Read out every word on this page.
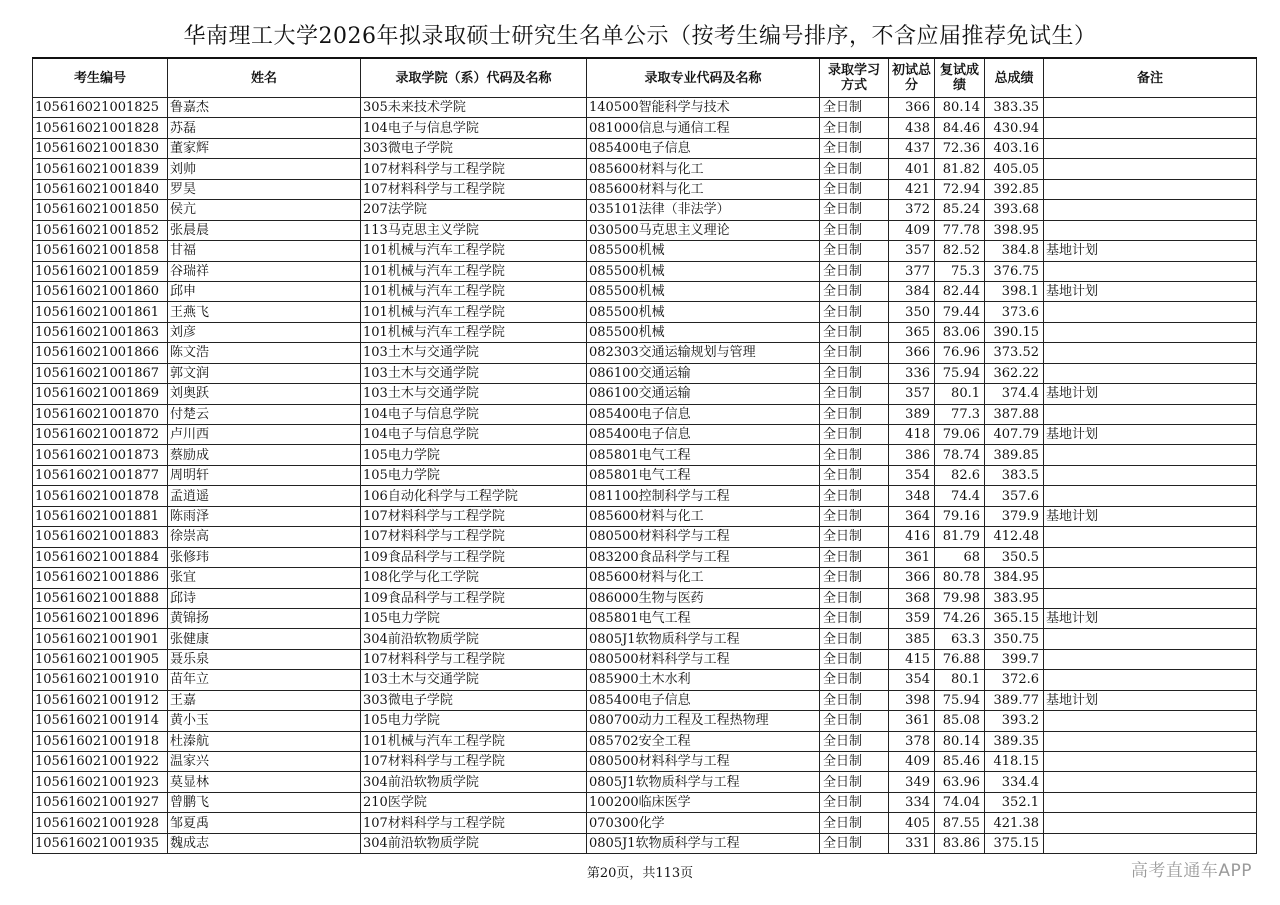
华南理工大学2026年拟录取硕士研究生名单公示（按考生编号排序，不含应届推荐免试生）
考生编号	姓名	录取学院（系）代码及名称	录取专业代码及名称	录取学习方式	初试总分	复试成绩	总成绩	备注
105616021001825	鲁嘉杰	305未来技术学院	140500智能科学与技术	全日制	366	80.14	383.35	
105616021001828	苏磊	104电子与信息学院	081000信息与通信工程	全日制	438	84.46	430.94	
105616021001830	董家辉	303微电子学院	085400电子信息	全日制	437	72.36	403.16	
105616021001839	刘帅	107材料科学与工程学院	085600材料与化工	全日制	401	81.82	405.05	
105616021001840	罗昊	107材料科学与工程学院	085600材料与化工	全日制	421	72.94	392.85	
105616021001850	侯亢	207法学院	035101法律（非法学）	全日制	372	85.24	393.68	
105616021001852	张晨晨	113马克思主义学院	030500马克思主义理论	全日制	409	77.78	398.95	
105616021001858	甘福	101机械与汽车工程学院	085500机械	全日制	357	82.52	384.8	基地计划
105616021001859	谷瑞祥	101机械与汽车工程学院	085500机械	全日制	377	75.3	376.75	
105616021001860	邱申	101机械与汽车工程学院	085500机械	全日制	384	82.44	398.1	基地计划
105616021001861	王燕飞	101机械与汽车工程学院	085500机械	全日制	350	79.44	373.6	
105616021001863	刘彦	101机械与汽车工程学院	085500机械	全日制	365	83.06	390.15	
105616021001866	陈文浩	103土木与交通学院	082303交通运输规划与管理	全日制	366	76.96	373.52	
105616021001867	郭文润	103土木与交通学院	086100交通运输	全日制	336	75.94	362.22	
105616021001869	刘奥跃	103土木与交通学院	086100交通运输	全日制	357	80.1	374.4	基地计划
105616021001870	付楚云	104电子与信息学院	085400电子信息	全日制	389	77.3	387.88	
105616021001872	卢川西	104电子与信息学院	085400电子信息	全日制	418	79.06	407.79	基地计划
105616021001873	蔡励成	105电力学院	085801电气工程	全日制	386	78.74	389.85	
105616021001877	周明轩	105电力学院	085801电气工程	全日制	354	82.6	383.5	
105616021001878	孟逍遥	106自动化科学与工程学院	081100控制科学与工程	全日制	348	74.4	357.6	
105616021001881	陈雨泽	107材料科学与工程学院	085600材料与化工	全日制	364	79.16	379.9	基地计划
105616021001883	徐崇高	107材料科学与工程学院	080500材料科学与工程	全日制	416	81.79	412.48	
105616021001884	张修玮	109食品科学与工程学院	083200食品科学与工程	全日制	361	68	350.5	
105616021001886	张宜	108化学与化工学院	085600材料与化工	全日制	366	80.78	384.95	
105616021001888	邱诗	109食品科学与工程学院	086000生物与医药	全日制	368	79.98	383.95	
105616021001896	黄锦扬	105电力学院	085801电气工程	全日制	359	74.26	365.15	基地计划
105616021001901	张健康	304前沿软物质学院	0805J1软物质科学与工程	全日制	385	63.3	350.75	
105616021001905	聂乐泉	107材料科学与工程学院	080500材料科学与工程	全日制	415	76.88	399.7	
105616021001910	苗年立	103土木与交通学院	085900土木水利	全日制	354	80.1	372.6	
105616021001912	王嘉	303微电子学院	085400电子信息	全日制	398	75.94	389.77	基地计划
105616021001914	黄小玉	105电力学院	080700动力工程及工程热物理	全日制	361	85.08	393.2	
105616021001918	杜溱航	101机械与汽车工程学院	085702安全工程	全日制	378	80.14	389.35	
105616021001922	温家兴	107材料科学与工程学院	080500材料科学与工程	全日制	409	85.46	418.15	
105616021001923	莫显林	304前沿软物质学院	0805J1软物质科学与工程	全日制	349	63.96	334.4	
105616021001927	曾鹏飞	210医学院	100200临床医学	全日制	334	74.04	352.1	
105616021001928	邹夏禹	107材料科学与工程学院	070300化学	全日制	405	87.55	421.38	
105616021001935	魏成志	304前沿软物质学院	0805J1软物质科学与工程	全日制	331	83.86	375.15	
第20页，共113页	高考直通车APP
